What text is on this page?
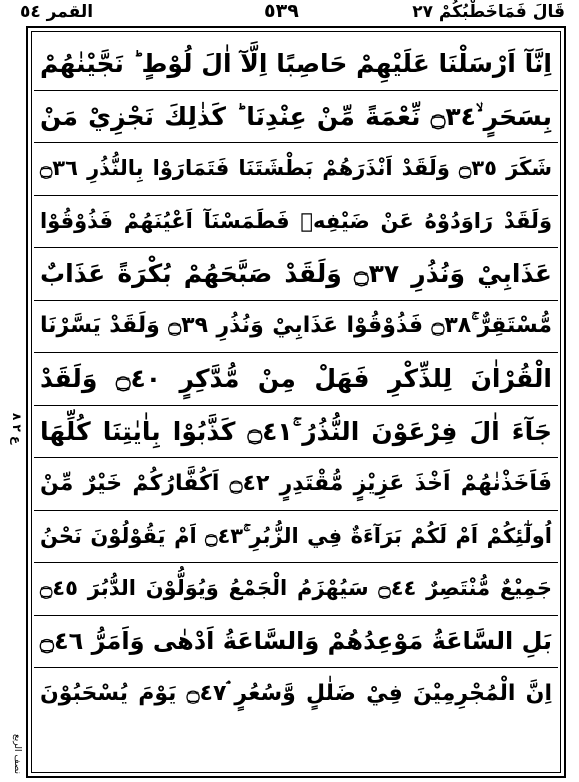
قَالَ فَمَاخَطْبُكُمْ ٢٧
٥٣٩
القمر ٥٤
اِنَّآ اَرْسَلْنَا عَلَيْهِمْ حَاصِبًا اِلَّآ اٰلَ لُوْطٍ ؕ نَجَّيْنٰهُمْ
بِسَحَرٍ ۙ۝٣٤ نِّعْمَةً مِّنْ عِنْدِنَا ؕ كَذٰلِكَ نَجْزِيْ مَنْ
شَكَرَ ۝٣٥ وَلَقَدْ اَنْذَرَهُمْ بَطْشَتَنَا فَتَمَارَوْا بِالنُّذُرِ ۝٣٦
وَلَقَدْ رَاوَدُوْهُ عَنْ ضَيْفِهٖ فَطَمَسْنَآ اَعْيُنَهُمْ فَذُوْقُوْا
عَذَابِيْ وَنُذُرِ ۝٣٧ وَلَقَدْ صَبَّحَهُمْ بُكْرَةً عَذَابٌ
مُّسْتَقِرٌّ ۚ۝٣٨ فَذُوْقُوْا عَذَابِيْ وَنُذُرِ ۝٣٩ وَلَقَدْ يَسَّرْنَا
الْقُرْاٰنَ لِلذِّكْرِ فَهَلْ مِنْ مُّدَّكِرٍ ۝٤٠ وَلَقَدْ
جَآءَ اٰلَ فِرْعَوْنَ النُّذُرُ ۚ۝٤١ كَذَّبُوْا بِاٰيٰتِنَا كُلِّهَا
فَاَخَذْنٰهُمْ اَخْذَ عَزِيْزٍ مُّقْتَدِرٍ ۝٤٢ اَكُفَّارُكُمْ خَيْرٌ مِّنْ
اُولٰٓئِكُمْ اَمْ لَكُمْ بَرَآءَةٌ فِي الزُّبُرِ ۚ۝٤٣ اَمْ يَقُوْلُوْنَ نَحْنُ
جَمِيْعٌ مُّنْتَصِرٌ ۝٤٤ سَيُهْزَمُ الْجَمْعُ وَيُوَلُّوْنَ الدُّبُرَ ۝٤٥
بَلِ السَّاعَةُ مَوْعِدُهُمْ وَالسَّاعَةُ اَدْهٰى وَاَمَرُّ ۝٤٦
اِنَّ الْمُجْرِمِيْنَ فِيْ ضَلٰلٍ وَّسُعُرٍ ۘ۝٤٧ يَوْمَ يُسْحَبُوْنَ
ع ٢ ٨
نصف الربع
